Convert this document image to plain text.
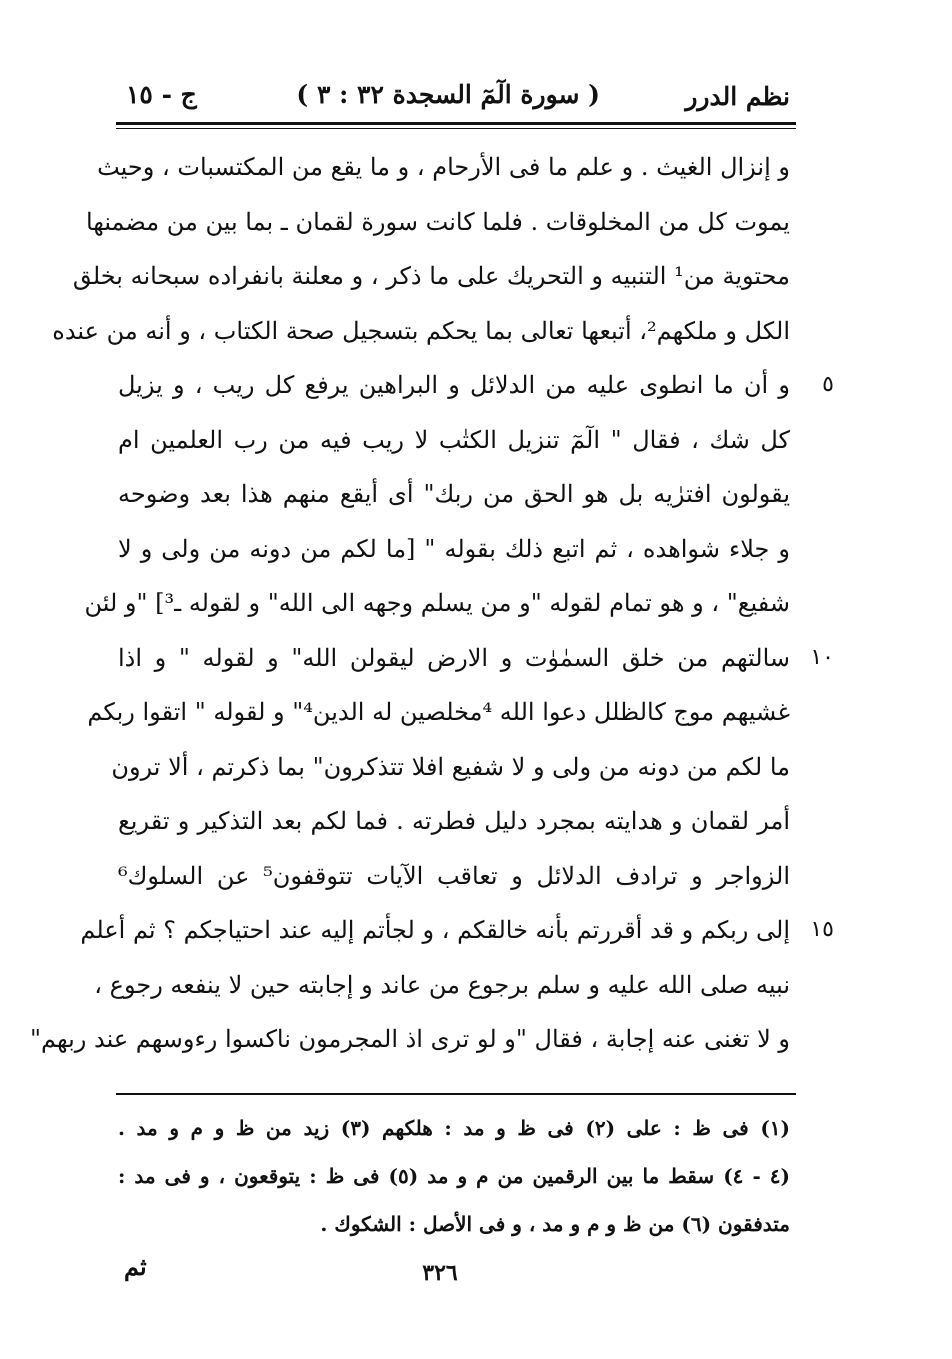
نظم الدرر
( سورة الٓمٓ السجدة ٣٢ : ٣ )
ج - ١٥
و إنزال الغيث . و علم ما فى الأرحام ، و ما يقع من المكتسبات ، وحيث
يموت كل من المخلوقات . فلما كانت سورة لقمان ـ بما بين من مضمنها
محتوية من¹ التنبيه و التحريك على ما ذكر ، و معلنة بانفراده سبحانه بخلق
الكل و ملكهم²، أتبعها تعالى بما يحكم بتسجيل صحة الكتاب ، و أنه من عنده
٥
و أن ما انطوى عليه من الدلائل و البراهين يرفع كل ريب ، و يزيل
كل شك ، فقال " الٓمٓ تنزيل الكتٰب لا ريب فيه من رب العلمين ام
يقولون افترٰيه بل هو الحق من ربك" أى أيقع منهم هذا بعد وضوحه
و جلاء شواهده ، ثم اتبع ذلك بقوله " [ما لكم من دونه من ولى و لا
شفيع" ، و هو تمام لقوله "و من يسلم وجهه الى الله" و لقوله ـ³] "و لئن
١٠
سالتهم من خلق السمٰوٰت و الارض ليقولن الله" و لقوله " و اذا
غشيهم موج كالظلل دعوا الله ⁴مخلصين له الدين⁴" و لقوله " اتقوا ربكم
ما لكم من دونه من ولى و لا شفيع افلا تتذكرون" بما ذكرتم ، ألا ترون
أمر لقمان و هدايته بمجرد دليل فطرته . فما لكم بعد التذكير و تقريع
الزواجر و ترادف الدلائل و تعاقب الآيات تتوقفون⁵ عن السلوك⁶
١٥
إلى ربكم و قد أقررتم بأنه خالقكم ، و لجأتم إليه عند احتياجكم ؟ ثم أعلم
نبيه صلى الله عليه و سلم برجوع من عاند و إجابته حين لا ينفعه رجوع ،
و لا تغنى عنه إجابة ، فقال "و لو ترى اذ المجرمون ناكسوا رءوسهم عند ربهم"
(١) فى ظ : على (٢) فى ظ و مد : هلكهم (٣) زيد من ظ و م و مد .
(٤ - ٤) سقط ما بين الرقمين من م و مد (٥) فى ظ : يتوقعون ، و فى مد :
متدفقون (٦) من ظ و م و مد ، و فى الأصل : الشكوك .
ثم	٣٢٦
